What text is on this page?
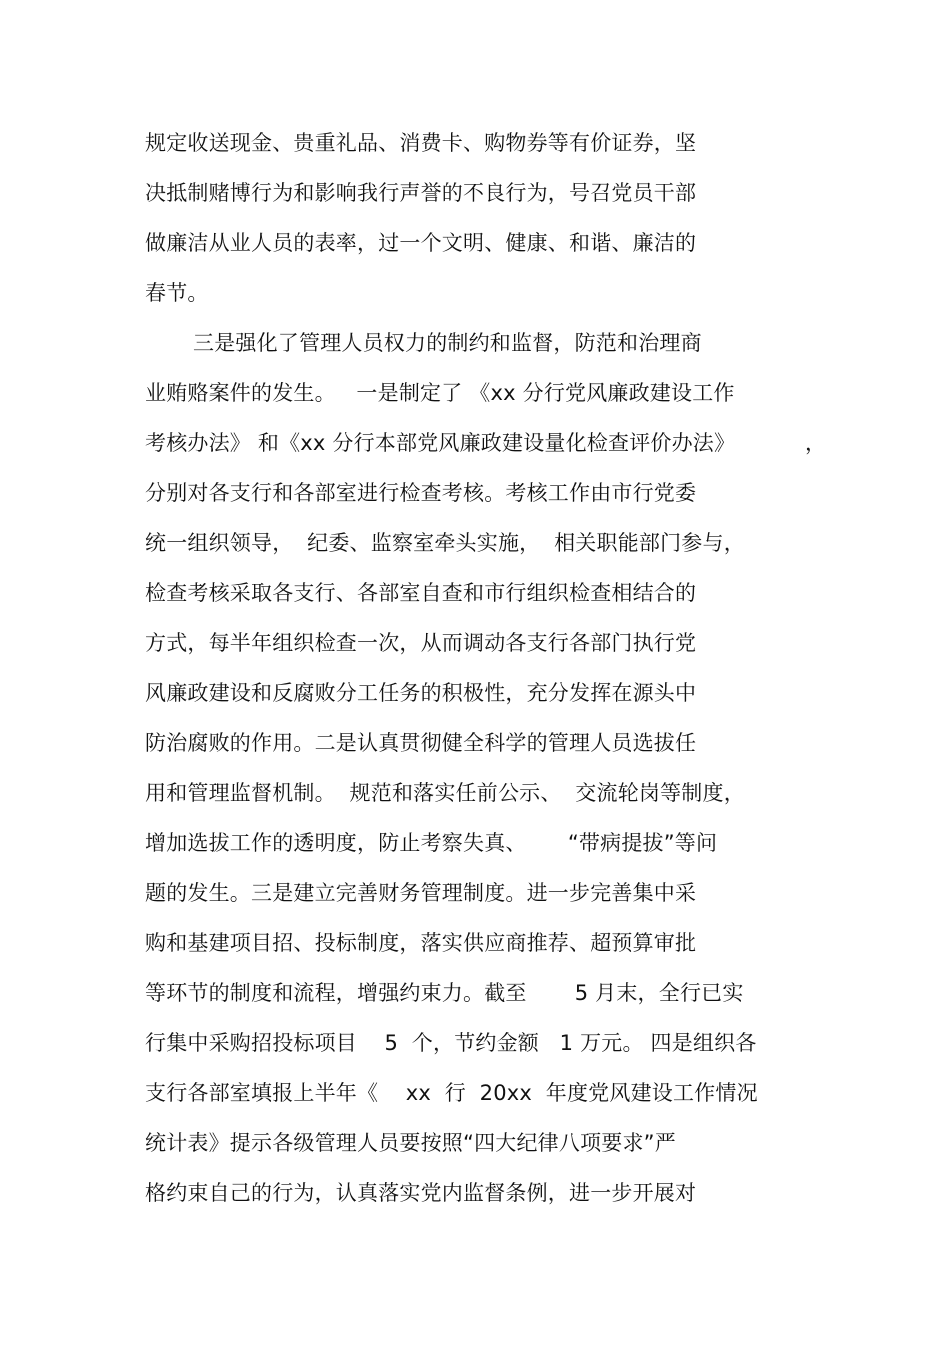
规定收送现金、贵重礼品、消费卡、购物券等有价证券，坚
决抵制赌博行为和影响我行声誉的不良行为，号召党员干部
做廉洁从业人员的表率，过一个文明、健康、和谐、廉洁的
春节。
三是强化了管理人员权力的制约和监督，防范和治理商
业贿赂案件的发生。   一是制定了 《xx 分行党风廉政建设工作
考核办法》 和《xx 分行本部党风廉政建设量化检查评价办法》	，
分别对各支行和各部室进行检查考核。考核工作由市行党委
统一组织领导，  纪委、监察室牵头实施，  相关职能部门参与，
检查考核采取各支行、各部室自查和市行组织检查相结合的
方式，每半年组织检查一次，从而调动各支行各部门执行党
风廉政建设和反腐败分工任务的积极性，充分发挥在源头中
防治腐败的作用。二是认真贯彻健全科学的管理人员选拔任
用和管理监督机制。  规范和落实任前公示、  交流轮岗等制度，
增加选拔工作的透明度，防止考察失真、      “带病提拔”等问
题的发生。三是建立完善财务管理制度。进一步完善集中采
购和基建项目招、投标制度，落实供应商推荐、超预算审批
等环节的制度和流程，增强约束力。截至       5 月末，全行已实
行集中采购招投标项目    5  个，节约金额   1 万元。 四是组织各
支行各部室填报上半年《    xx  行  20xx  年度党风建设工作情况
统计表》提示各级管理人员要按照“四大纪律八项要求”严
格约束自己的行为，认真落实党内监督条例，进一步开展对
